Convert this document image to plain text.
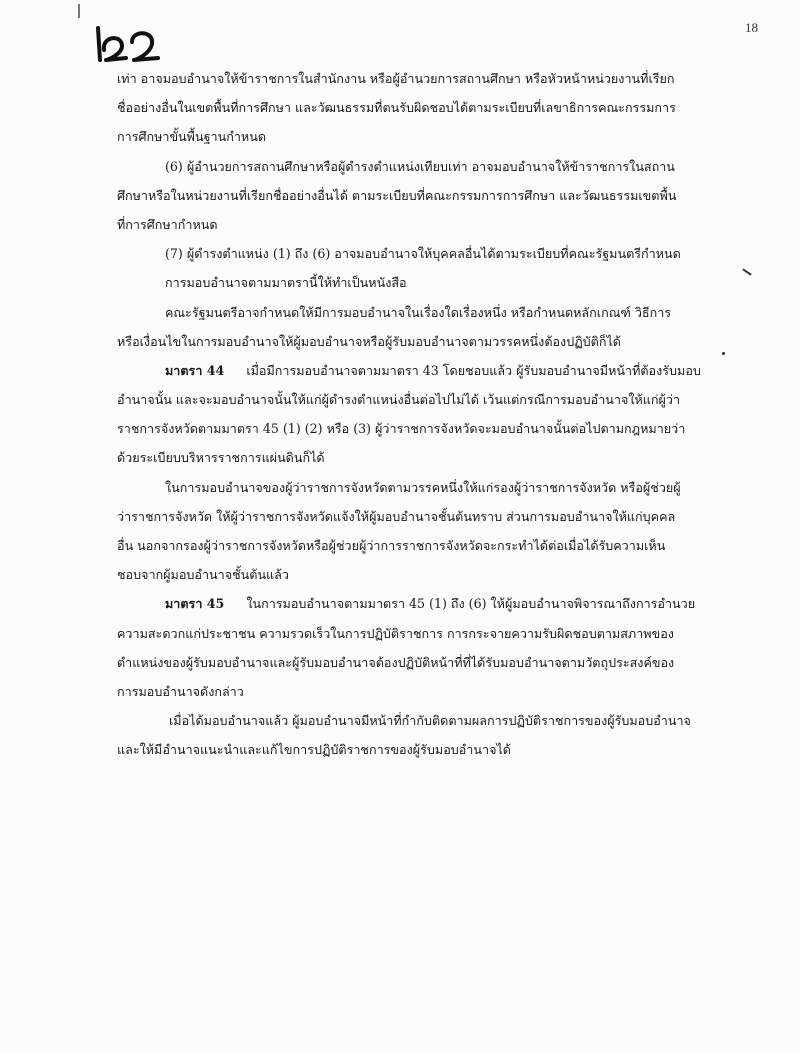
18
เท่า อาจมอบอำนาจให้ข้าราชการในสำนักงาน หรือผู้อำนวยการสถานศึกษา หรือหัวหน้าหน่วยงานที่เรียก
ชื่ออย่างอื่นในเขตพื้นที่การศึกษา และวัฒนธรรมที่ตนรับผิดชอบได้ตามระเบียบที่เลขาธิการคณะกรรมการ
การศึกษาขั้นพื้นฐานกำหนด
(6) ผู้อำนวยการสถานศึกษาหรือผู้ดำรงตำแหน่งเทียบเท่า อาจมอบอำนาจให้ข้าราชการในสถาน
ศึกษาหรือในหน่วยงานที่เรียกชื่ออย่างอื่นได้ ตามระเบียบที่คณะกรรมการการศึกษา และวัฒนธรรมเขตพื้น
ที่การศึกษากำหนด
(7) ผู้ดำรงตำแหน่ง (1) ถึง (6) อาจมอบอำนาจให้บุคคลอื่นได้ตามระเบียบที่คณะรัฐมนตรีกำหนด
การมอบอำนาจตามมาตรานี้ให้ทำเป็นหนังสือ
คณะรัฐมนตรีอาจกำหนดให้มีการมอบอำนาจในเรื่องใดเรื่องหนึ่ง หรือกำหนดหลักเกณฑ์ วิธีการ
หรือเงื่อนไขในการมอบอำนาจให้ผู้มอบอำนาจหรือผู้รับมอบอำนาจตามวรรคหนึ่งต้องปฏิบัติก็ได้
มาตรา 44 เมื่อมีการมอบอำนาจตามมาตรา 43 โดยชอบแล้ว ผู้รับมอบอำนาจมีหน้าที่ต้องรับมอบ
อำนาจนั้น และจะมอบอำนาจนั้นให้แก่ผู้ดำรงตำแหน่งอื่นต่อไปไม่ได้ เว้นแต่กรณีการมอบอำนาจให้แก่ผู้ว่า
ราชการจังหวัดตามมาตรา 45 (1) (2) หรือ (3) ผู้ว่าราชการจังหวัดจะมอบอำนาจนั้นต่อไปตามกฎหมายว่า
ด้วยระเบียบบริหารราชการแผ่นดินก็ได้
ในการมอบอำนาจของผู้ว่าราชการจังหวัดตามวรรคหนึ่งให้แก่รองผู้ว่าราชการจังหวัด หรือผู้ช่วยผู้
ว่าราชการจังหวัด ให้ผู้ว่าราชการจังหวัดแจ้งให้ผู้มอบอำนาจชั้นต้นทราบ ส่วนการมอบอำนาจให้แก่บุคคล
อื่น นอกจากรองผู้ว่าราชการจังหวัดหรือผู้ช่วยผู้ว่าการราชการจังหวัดจะกระทำได้ต่อเมื่อได้รับความเห็น
ชอบจากผู้มอบอำนาจชั้นต้นแล้ว
มาตรา 45 ในการมอบอำนาจตามมาตรา 45 (1) ถึง (6) ให้ผู้มอบอำนาจพิจารณาถึงการอำนวย
ความสะดวกแก่ประชาชน ความรวดเร็วในการปฏิบัติราชการ การกระจายความรับผิดชอบตามสภาพของ
ตำแหน่งของผู้รับมอบอำนาจและผู้รับมอบอำนาจต้องปฏิบัติหน้าที่ที่ได้รับมอบอำนาจตามวัตถุประสงค์ของ
การมอบอำนาจดังกล่าว
เมื่อได้มอบอำนาจแล้ว ผู้มอบอำนาจมีหน้าที่กำกับติดตามผลการปฏิบัติราชการของผู้รับมอบอำนาจ
และให้มีอำนาจแนะนำและแก้ไขการปฏิบัติราชการของผู้รับมอบอำนาจได้
